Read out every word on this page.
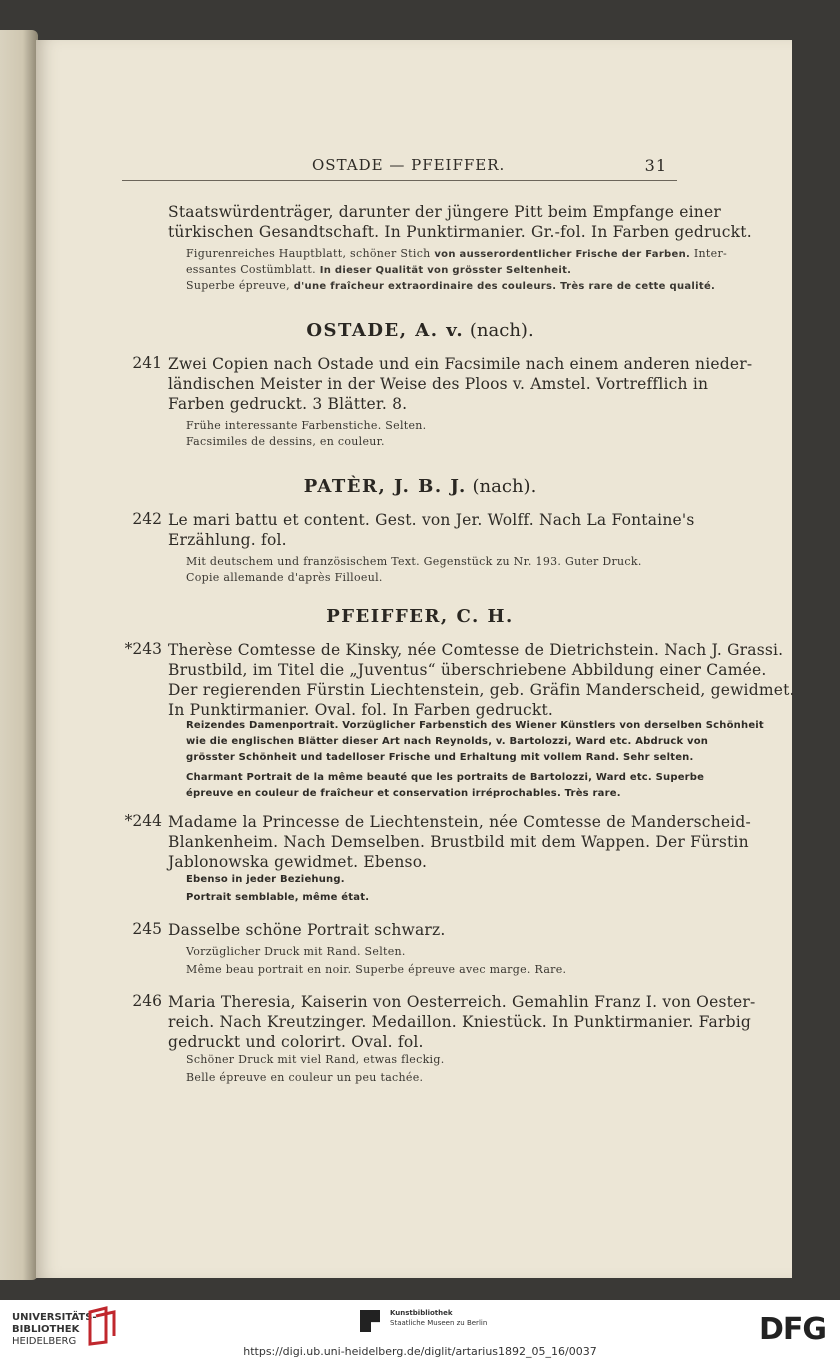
OSTADE — PFEIFFER.	31
Staatswürdenträger, darunter der jüngere Pitt beim Empfange einer
türkischen Gesandtschaft. In Punktirmanier. Gr.-fol. In Farben gedruckt.
Figurenreiches Hauptblatt, schöner Stich von ausserordentlicher Frische der Farben. Inter-
essantes Costümblatt. In dieser Qualität von grösster Seltenheit.
Superbe épreuve, d'une fraîcheur extraordinaire des couleurs. Très rare de cette qualité.
OSTADE, A. v. (nach).
241 Zwei Copien nach Ostade und ein Facsimile nach einem anderen nieder-
ländischen Meister in der Weise des Ploos v. Amstel. Vortrefflich in
Farben gedruckt. 3 Blätter. 8.
Frühe interessante Farbenstiche. Selten.
Facsimiles de dessins, en couleur.
PATÈR, J. B. J. (nach).
242 Le mari battu et content. Gest. von Jer. Wolff. Nach La Fontaine's
Erzählung. fol.
Mit deutschem und französischem Text. Gegenstück zu Nr. 193. Guter Druck.
Copie allemande d'après Filloeul.
PFEIFFER, C. H.
*243 Therèse Comtesse de Kinsky, née Comtesse de Dietrichstein. Nach J. Grassi.
Brustbild, im Titel die „Juventus“ überschriebene Abbildung einer Camée.
Der regierenden Fürstin Liechtenstein, geb. Gräfin Manderscheid, gewidmet.
In Punktirmanier. Oval. fol. In Farben gedruckt.
Reizendes Damenportrait. Vorzüglicher Farbenstich des Wiener Künstlers von derselben Schönheit
wie die englischen Blätter dieser Art nach Reynolds, v. Bartolozzi, Ward etc. Abdruck von
grösster Schönheit und tadelloser Frische und Erhaltung mit vollem Rand. Sehr selten.
Charmant Portrait de la même beauté que les portraits de Bartolozzi, Ward etc. Superbe
épreuve en couleur de fraîcheur et conservation irréprochables. Très rare.
*244 Madame la Princesse de Liechtenstein, née Comtesse de Manderscheid-
Blankenheim. Nach Demselben. Brustbild mit dem Wappen. Der Fürstin
Jablonowska gewidmet. Ebenso.
Ebenso in jeder Beziehung.
Portrait semblable, même état.
245 Dasselbe schöne Portrait schwarz.
Vorzüglicher Druck mit Rand. Selten.
Même beau portrait en noir. Superbe épreuve avec marge. Rare.
246 Maria Theresia, Kaiserin von Oesterreich. Gemahlin Franz I. von Oester-
reich. Nach Kreutzinger. Medaillon. Kniestück. In Punktirmanier. Farbig
gedruckt und colorirt. Oval. fol.
Schöner Druck mit viel Rand, etwas fleckig.
Belle épreuve en couleur un peu tachée.
UNIVERSITÄTS-
BIBLIOTHEK
HEIDELBERG
Kunstbibliothek
Staatliche Museen zu Berlin
https://digi.ub.uni-heidelberg.de/diglit/artarius1892_05_16/0037
DFG
